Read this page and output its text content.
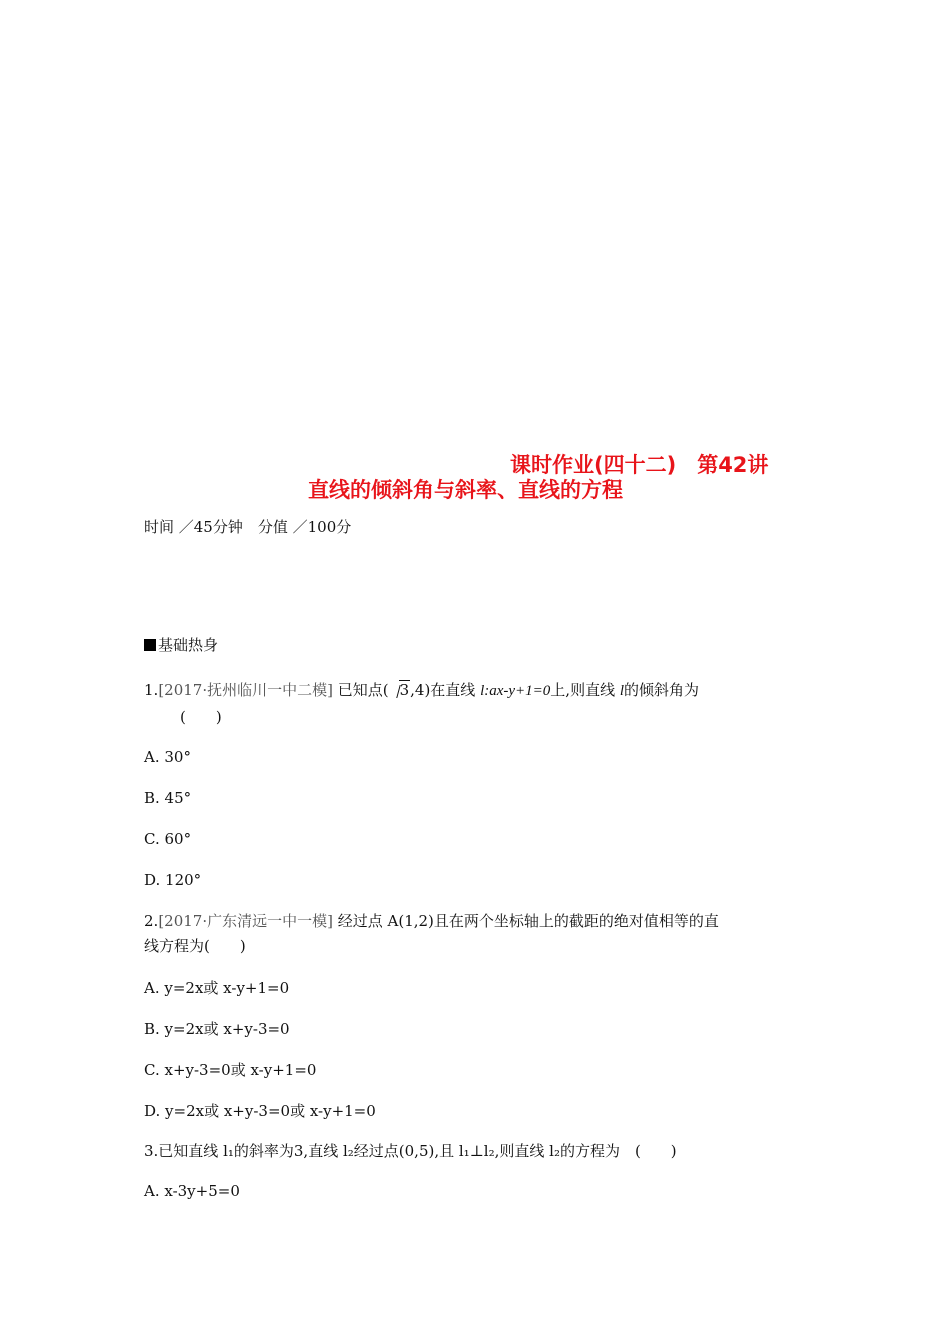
课时作业(四十二)　第42讲
直线的倾斜角与斜率、直线的方程
时间 ／45分钟　分值 ／100分
基础热身
1.[2017·抚州临川一中二模] 已知点( 3,4)在直线 l:ax-y+1=0上,则直线 l的倾斜角为
(　　)
A. 30°
B. 45°
C. 60°
D. 120°
2.[2017·广东清远一中一模] 经过点 A(1,2)且在两个坐标轴上的截距的绝对值相等的直
线方程为(　　)
A. y=2x或 x-y+1=0
B. y=2x或 x+y-3=0
C. x+y-3=0或 x-y+1=0
D. y=2x或 x+y-3=0或 x-y+1=0
3.已知直线 l₁的斜率为3,直线 l₂经过点(0,5),且 l₁⊥l₂,则直线 l₂的方程为　(　　)
A. x-3y+5=0
